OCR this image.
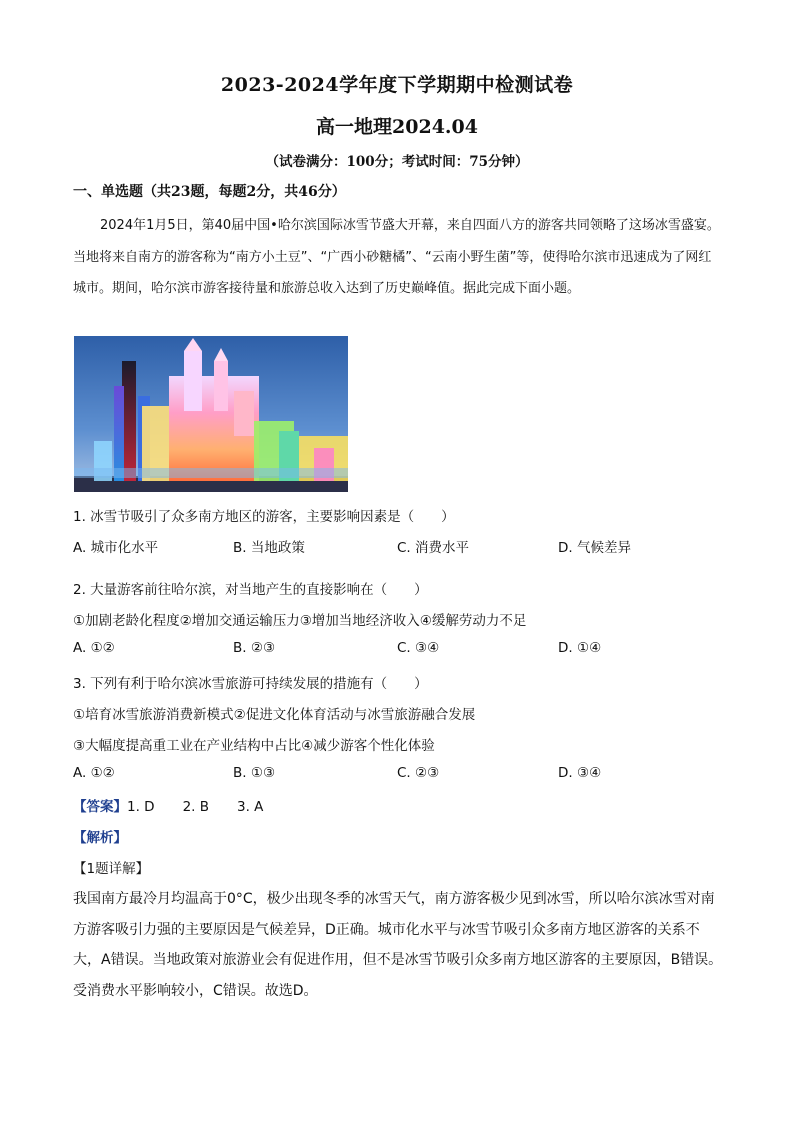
2023-2024学年度下学期期中检测试卷
高一地理2024.04
（试卷满分：100分；考试时间：75分钟）
一、单选题（共23题，每题2分，共46分）
2024年1月5日，第40届中国•哈尔滨国际冰雪节盛大开幕，来自四面八方的游客共同领略了这场冰雪盛宴。当地将来自南方的游客称为“南方小土豆”、“广西小砂糖橘”、“云南小野生菌”等，使得哈尔滨市迅速成为了网红城市。期间，哈尔滨市游客接待量和旅游总收入达到了历史巅峰值。据此完成下面小题。
1. 冰雪节吸引了众多南方地区的游客，主要影响因素是（　　）
A. 城市化水平	B. 当地政策	C. 消费水平	D. 气候差异
2. 大量游客前往哈尔滨，对当地产生的直接影响在（　　）
①加剧老龄化程度②增加交通运输压力③增加当地经济收入④缓解劳动力不足
A. ①②	B. ②③	C. ③④	D. ①④
3. 下列有利于哈尔滨冰雪旅游可持续发展的措施有（　　）
①培育冰雪旅游消费新模式②促进文化体育活动与冰雪旅游融合发展
③大幅度提高重工业在产业结构中占比④减少游客个性化体验
A. ①②	B. ①③	C. ②③	D. ③④
【答案】1. D 2. B 3. A
【解析】
【1题详解】
我国南方最冷月均温高于0°C，极少出现冬季的冰雪天气，南方游客极少见到冰雪，所以哈尔滨冰雪对南方游客吸引力强的主要原因是气候差异，D正确。城市化水平与冰雪节吸引众多南方地区游客的关系不大，A错误。当地政策对旅游业会有促进作用，但不是冰雪节吸引众多南方地区游客的主要原因，B错误。受消费水平影响较小，C错误。故选D。
